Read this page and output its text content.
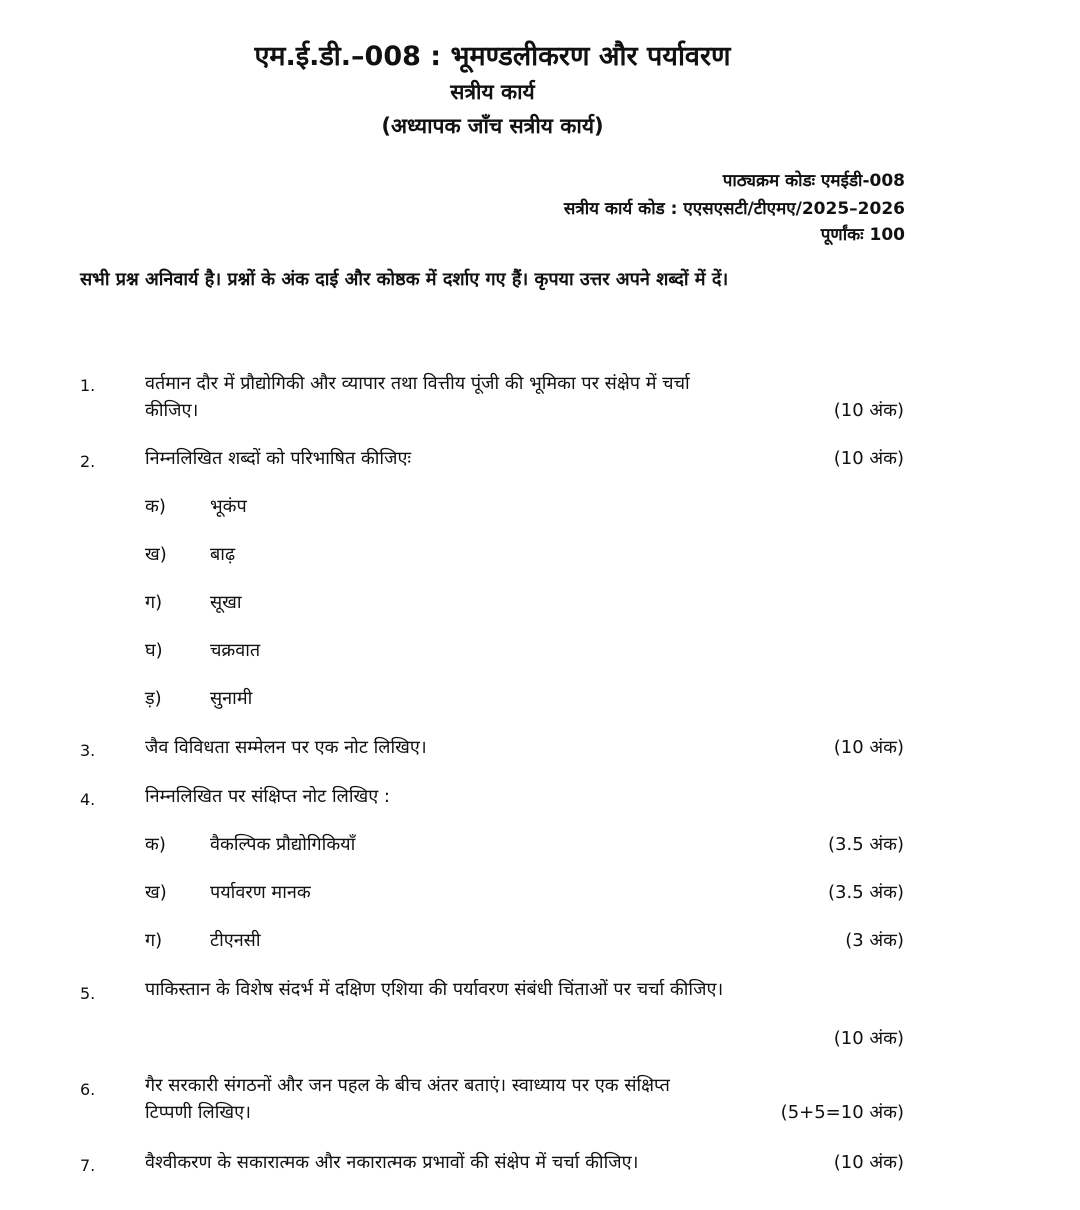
एम.ई.डी.–008 : भूमण्डलीकरण और पर्यावरण
सत्रीय कार्य
(अध्यापक जाँच सत्रीय कार्य)
पाठ्यक्रम कोडः एमईडी-008
सत्रीय कार्य कोड : एएसएसटी/टीएमए/2025–2026
पूर्णांकः 100
सभी प्रश्न अनिवार्य है। प्रश्नों के अंक दाई और कोष्ठक में दर्शाए गए हैं। कृपया उत्तर अपने शब्दों में दें।
1.	वर्तमान दौर में प्रौद्योगिकी और व्यापार तथा वित्तीय पूंजी की भूमिका पर संक्षेप में चर्चा
कीजिए।	(10 अंक)
2.	निम्नलिखित शब्दों को परिभाषित कीजिएः	(10 अंक)
क) भूकंप
ख) बाढ़
ग)	सूखा
घ)	चक्रवात
ड़)	सुनामी
3.	जैव विविधता सम्मेलन पर एक नोट लिखिए।	(10 अंक)
4.	निम्नलिखित पर संक्षिप्त नोट लिखिए :
क) वैकल्पिक प्रौद्योगिकियाँ	(3.5 अंक)
ख) पर्यावरण मानक	(3.5 अंक)
ग)	टीएनसी	(3 अंक)
5.	पाकिस्तान के विशेष संदर्भ में दक्षिण एशिया की पर्यावरण संबंधी चिंताओं पर चर्चा कीजिए।
(10 अंक)
6.	गैर सरकारी संगठनों और जन पहल के बीच अंतर बताएं। स्वाध्याय पर एक संक्षिप्त
टिप्पणी लिखिए।	(5+5=10 अंक)
7.	वैश्वीकरण के सकारात्मक और नकारात्मक प्रभावों की संक्षेप में चर्चा कीजिए।	(10 अंक)
